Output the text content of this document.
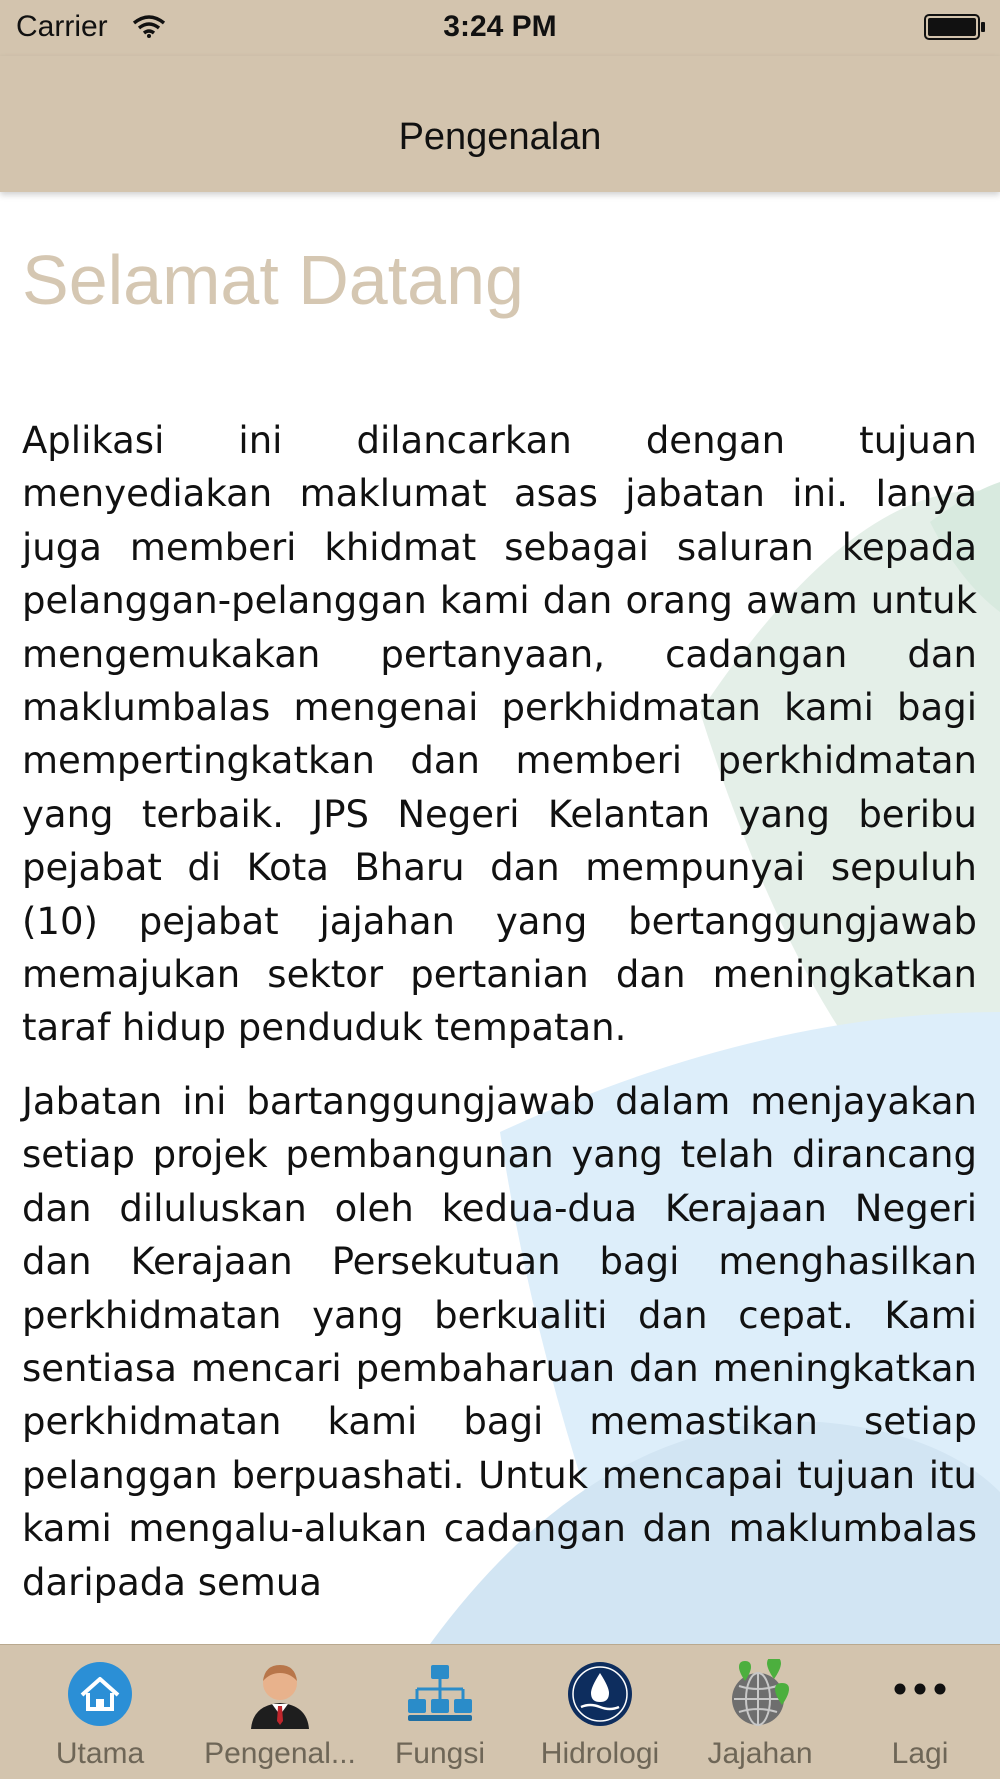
Carrier	3:24 PM
Pengenalan
Selamat Datang

Aplikasi ini dilancarkan dengan tujuan menyediakan maklumat asas jabatan ini. Ianya juga memberi khidmat sebagai saluran kepada pelanggan-pelanggan kami dan orang awam untuk mengemukakan pertanyaan, cadangan dan maklumbalas mengenai perkhidmatan kami bagi mempertingkatkan dan memberi perkhidmatan yang terbaik. JPS Negeri Kelantan yang beribu pejabat di Kota Bharu dan mempunyai sepuluh (10) pejabat jajahan yang bertanggungjawab memajukan sektor pertanian dan meningkatkan taraf hidup penduduk tempatan.

Jabatan ini bartanggungjawab dalam menjayakan setiap projek pembangunan yang telah dirancang dan diluluskan oleh kedua-dua Kerajaan Negeri dan Kerajaan Persekutuan bagi menghasilkan perkhidmatan yang berkualiti dan cepat. Kami sentiasa mencari pembaharuan dan meningkatkan perkhidmatan kami bagi memastikan setiap pelanggan berpuashati. Untuk mencapai tujuan itu kami mengalu-alukan cadangan dan maklumbalas daripada semua

Utama	Pengenal...	Fungsi	Hidrologi	Jajahan	Lagi
